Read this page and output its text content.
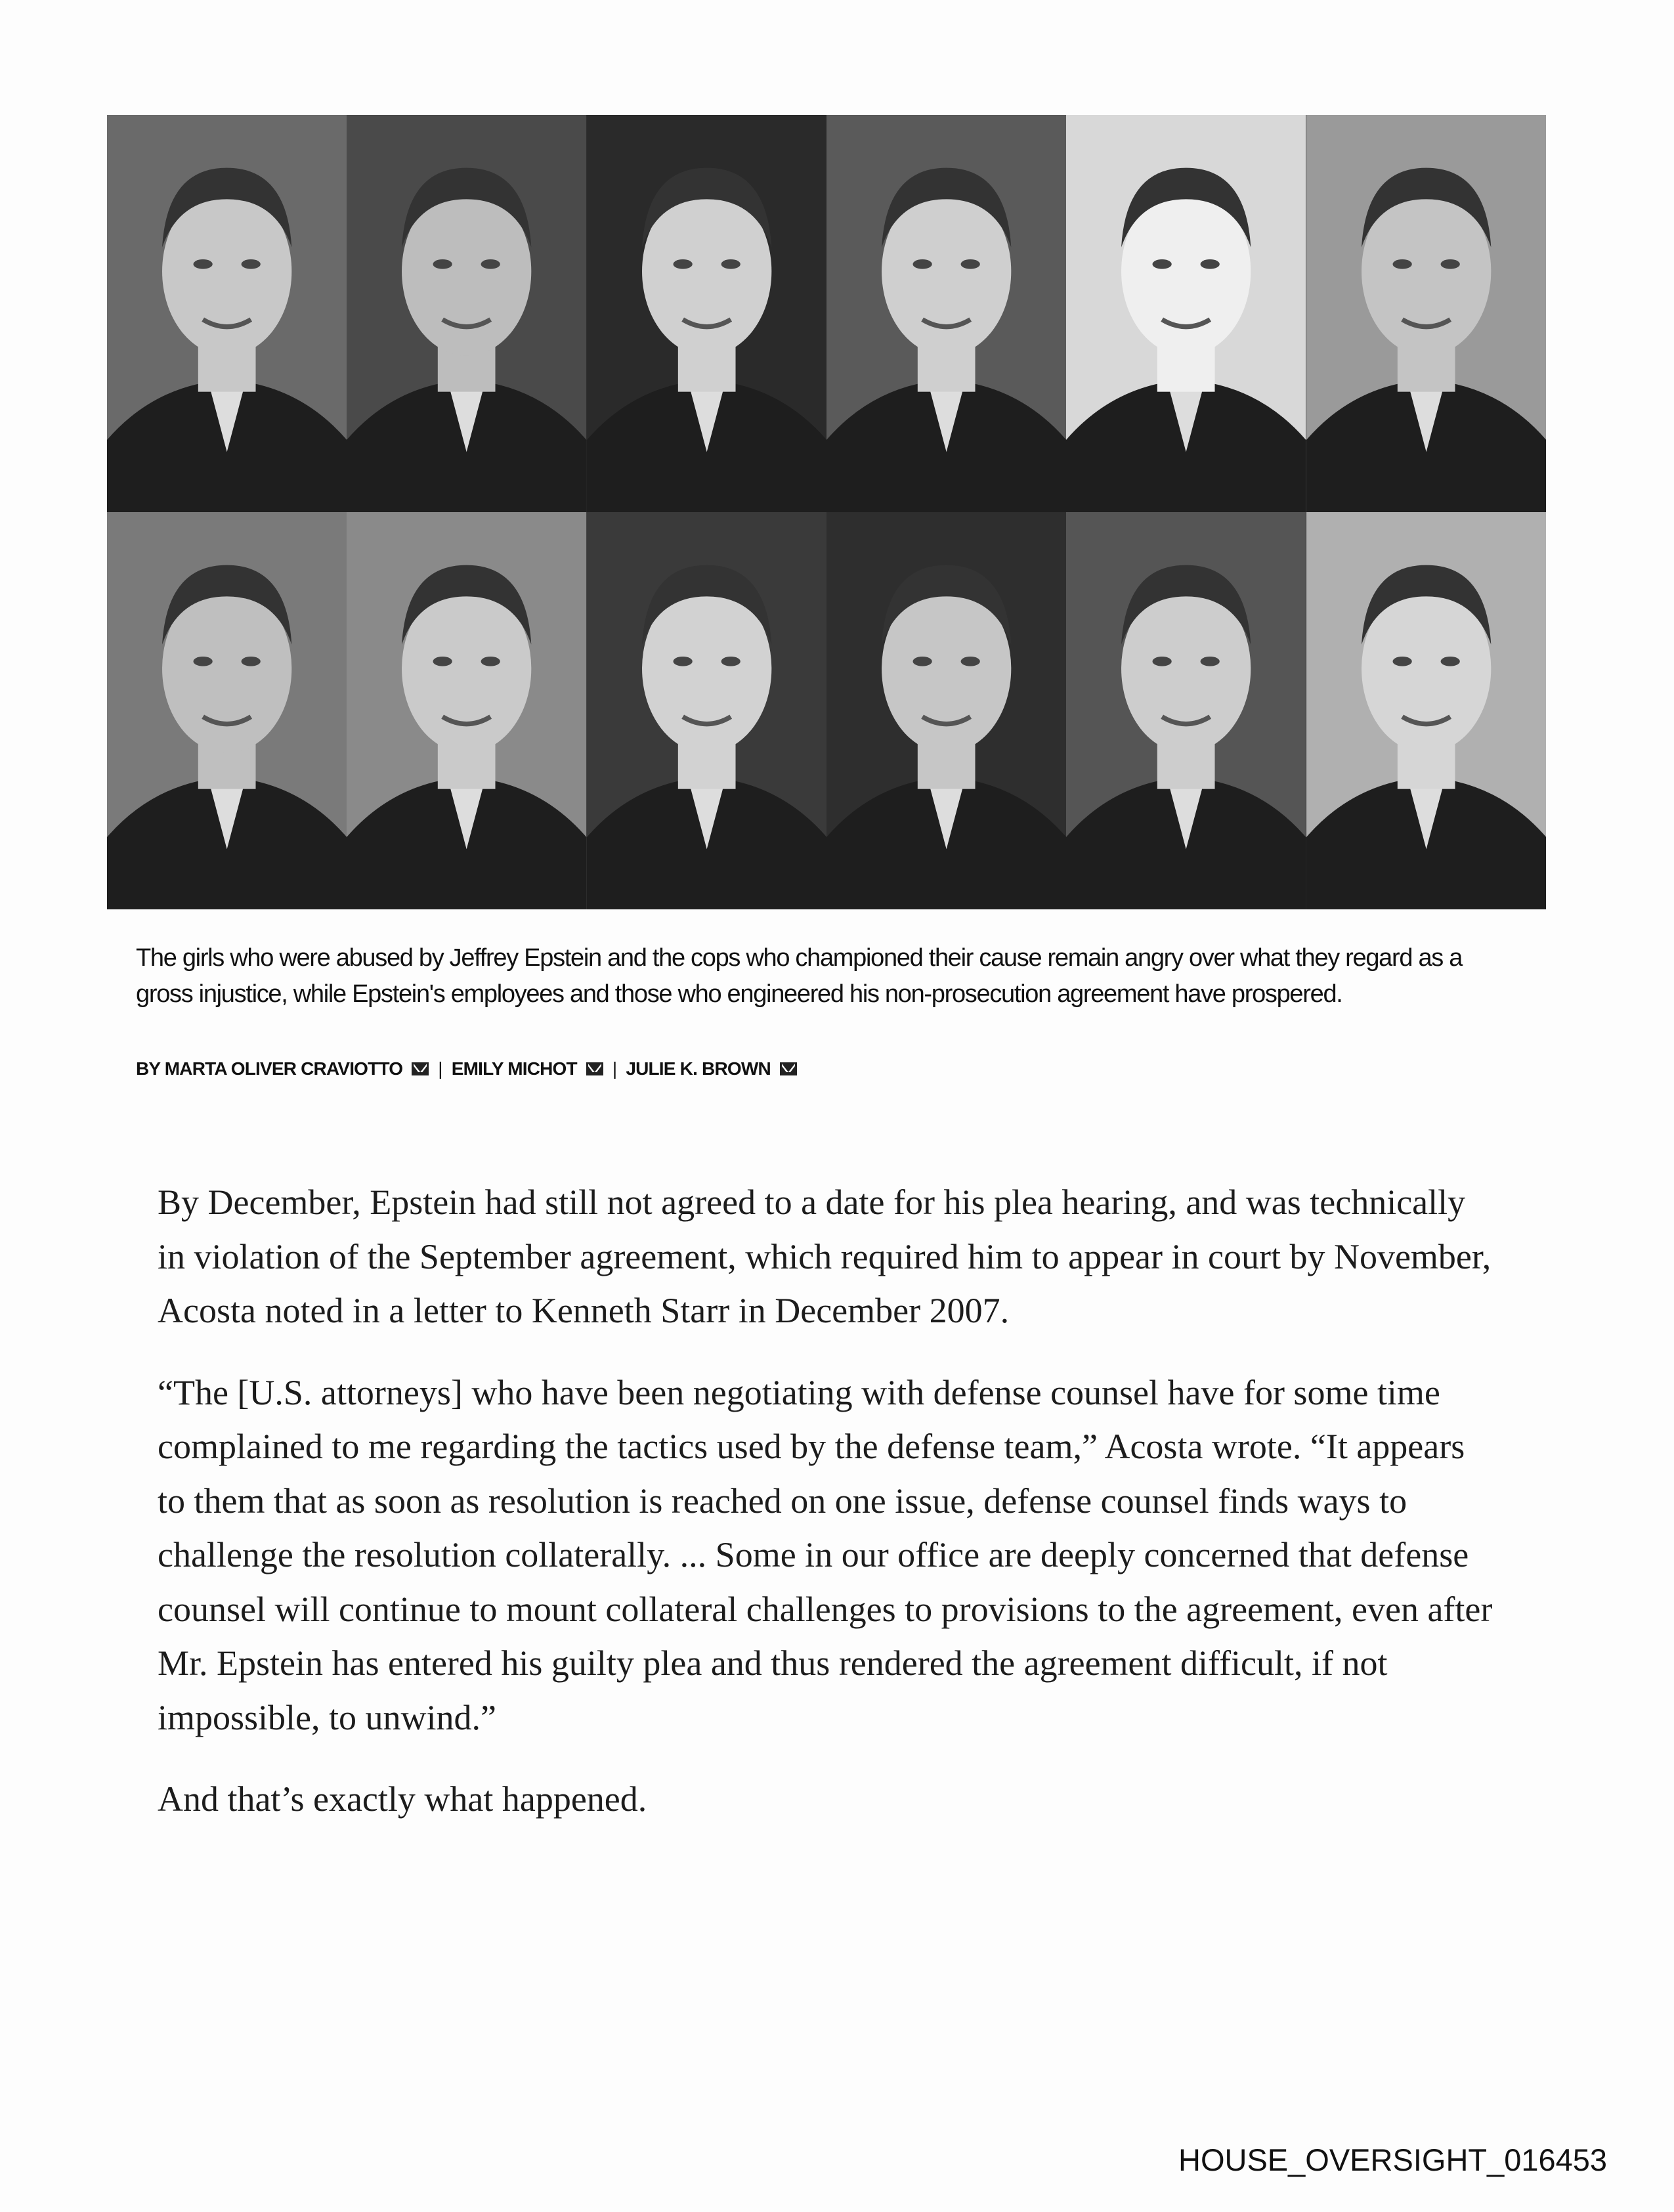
The girls who were abused by Jeffrey Epstein and the cops who championed their cause remain angry over what they regard as a gross injustice, while Epstein's employees and those who engineered his non-prosecution agreement have prospered.
BY MARTA OLIVER CRAVIOTTO | EMILY MICHOT | JULIE K. BROWN

By December, Epstein had still not agreed to a date for his plea hearing, and was technically in violation of the September agreement, which required him to appear in court by November, Acosta noted in a letter to Kenneth Starr in December 2007.

“The [U.S. attorneys] who have been negotiating with defense counsel have for some time complained to me regarding the tactics used by the defense team,” Acosta wrote. “It appears to them that as soon as resolution is reached on one issue, defense counsel finds ways to challenge the resolution collaterally. ... Some in our office are deeply concerned that defense counsel will continue to mount collateral challenges to provisions to the agreement, even after Mr. Epstein has entered his guilty plea and thus rendered the agreement difficult, if not impossible, to unwind.”

And that’s exactly what happened.

HOUSE_OVERSIGHT_016453
